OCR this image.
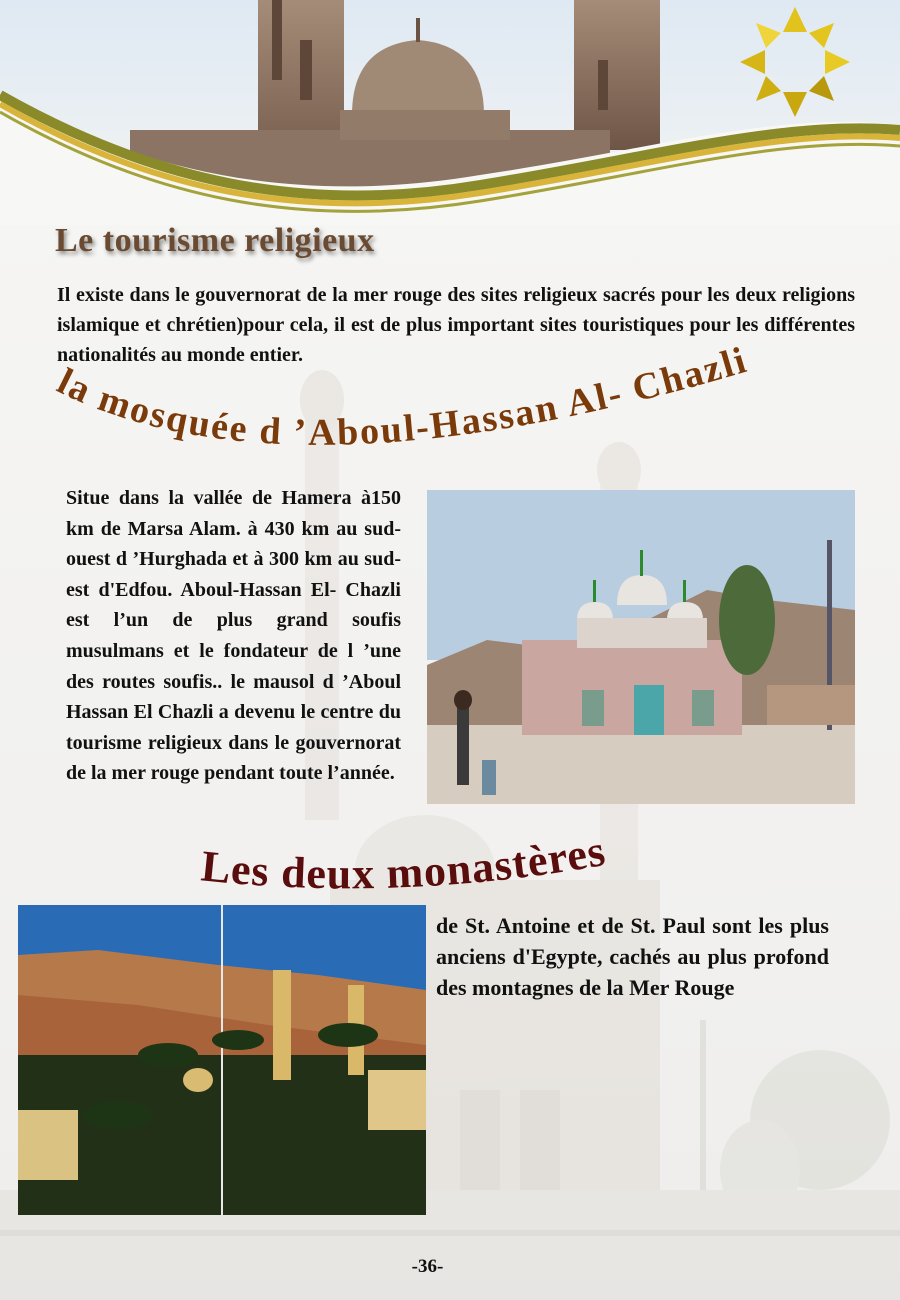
Le tourisme religieux

Il existe dans le gouvernorat de la mer rouge des sites religieux sacrés pour les deux religions islamique et chrétien)pour cela, il est de plus important sites touristiques pour les différentes nationalités au monde entier.

la mosquée d ’Aboul-Hassan Al- Chazli

Situe dans la vallée de Hamera à150 km de Marsa Alam. à 430 km au sud-ouest d ’Hurghada et à 300 km au sud-est d'Edfou. Aboul-Hassan El- Chazli est l’un de plus grand soufis musulmans et le fondateur de l ’une des routes soufis.. le mausol d ’Aboul Hassan El Chazli a devenu le centre du tourisme religieux dans le gouvernorat de la mer rouge pendant toute l’année.

Les deux monastères

de St. Antoine et de St. Paul sont les plus anciens d'Egypte, cachés au plus profond des montagnes de la Mer Rouge

-36-
